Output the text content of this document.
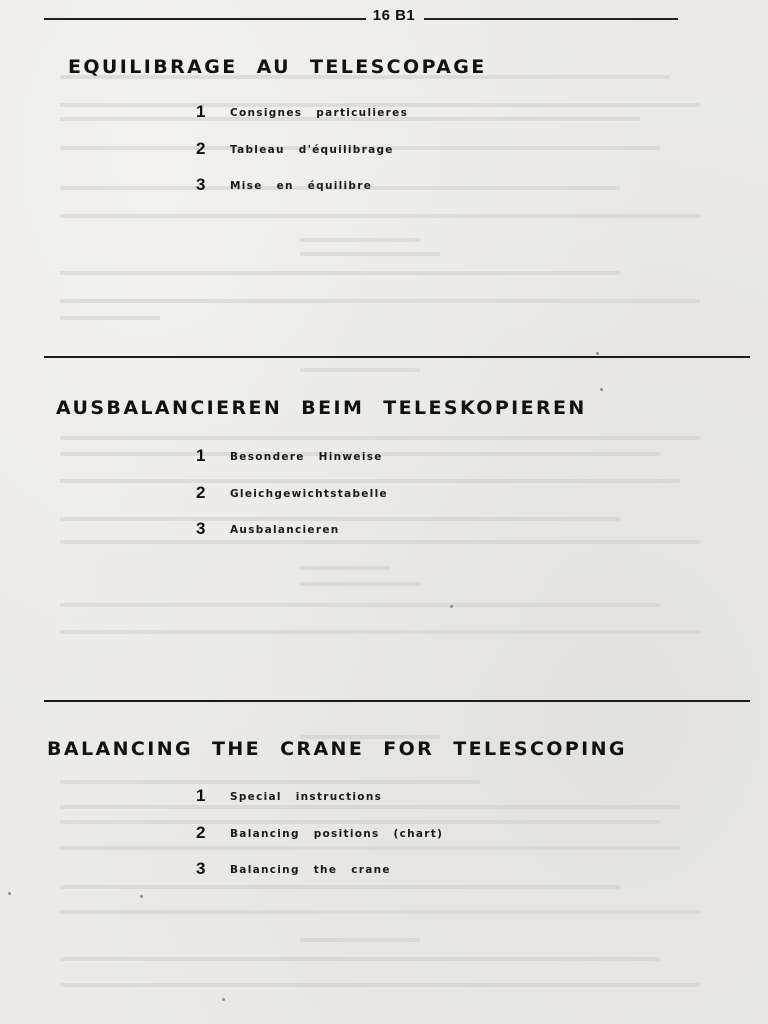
16 B1
EQUILIBRAGE AU TELESCOPAGE
1	Consignes particulieres
2	Tableau d'équilibrage
3	Mise en équilibre
AUSBALANCIEREN BEIM TELESKOPIEREN
1	Besondere Hinweise
2	Gleichgewichtstabelle
3	Ausbalancieren
BALANCING THE CRANE FOR TELESCOPING
1	Special instructions
2	Balancing positions (chart)
3	Balancing the crane
